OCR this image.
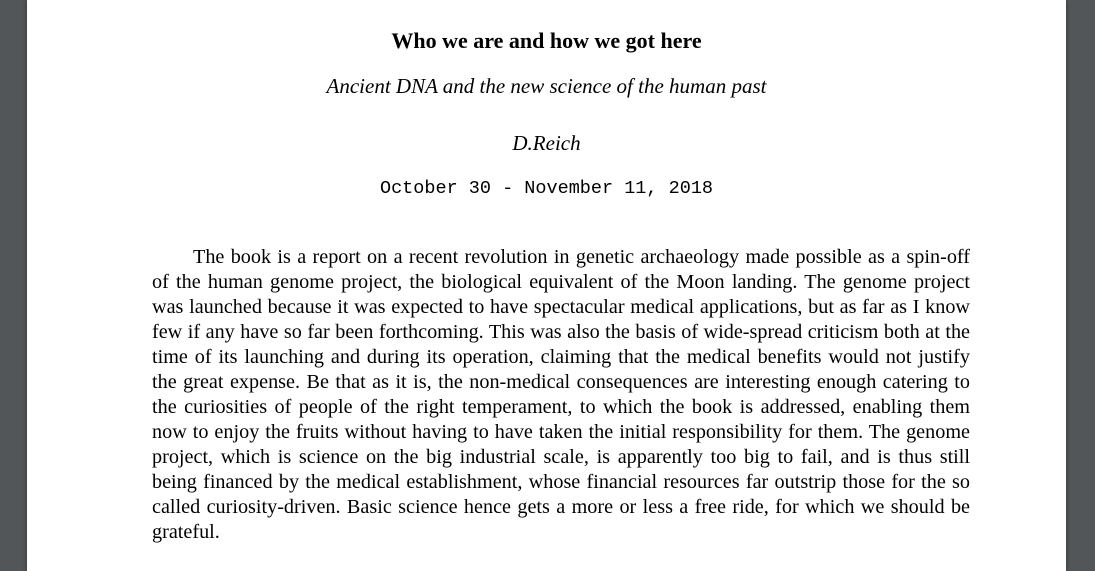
Who we are and how we got here
Ancient DNA and the new science of the human past
D.Reich
October 30 - November 11, 2018

The book is a report on a recent revolution in genetic archaeology made possible as a spin-off of the human genome project, the biological equivalent of the Moon landing. The genome project was launched because it was expected to have spectacular medical applications, but as far as I know few if any have so far been forthcoming. This was also the basis of wide-spread criticism both at the time of its launching and during its operation, claiming that the medical benefits would not justify the great expense. Be that as it is, the non-medical consequences are interesting enough catering to the curiosities of people of the right temperament, to which the book is addressed, enabling them now to enjoy the fruits without having to have taken the initial responsibility for them. The genome project, which is science on the big industrial scale, is apparently too big to fail, and is thus still being financed by the medical establishment, whose financial resources far outstrip those for the so called curiosity-driven. Basic science hence gets a more or less a free ride, for which we should be grateful.
